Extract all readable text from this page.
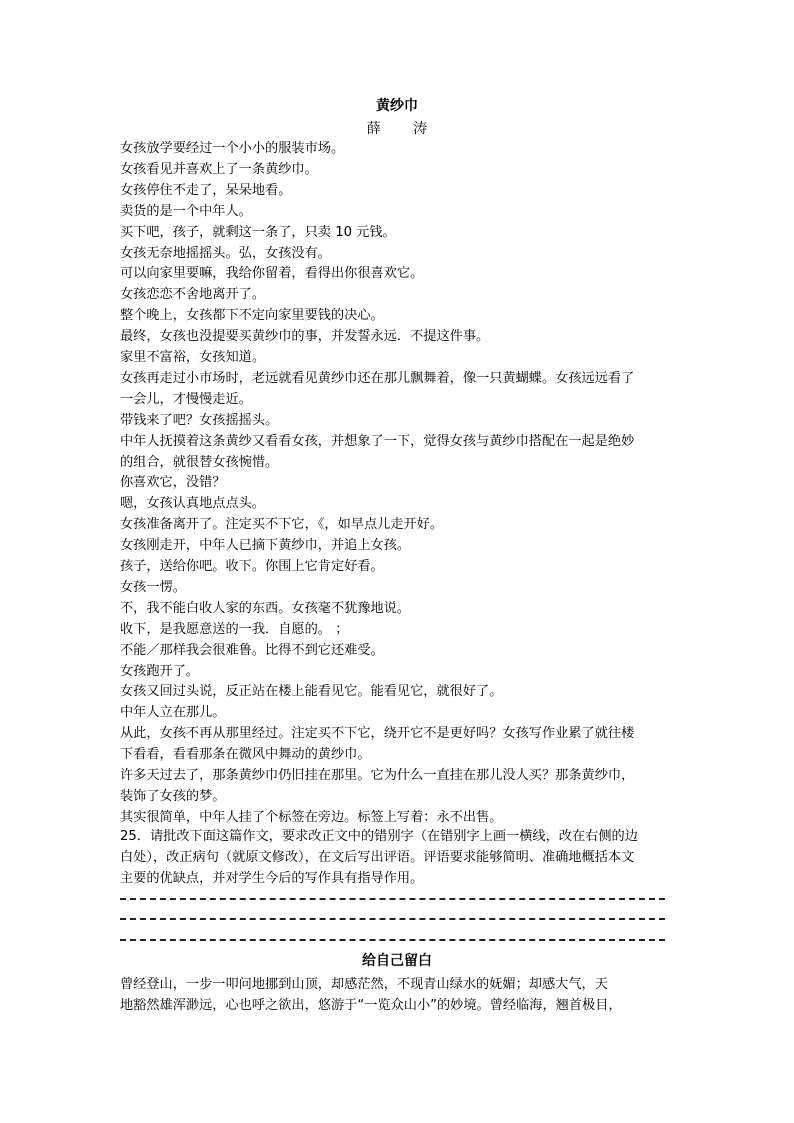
黄纱巾
薛 涛
女孩放学要经过一个小小的服装市场。
女孩看见并喜欢上了一条黄纱巾。
女孩停住不走了，呆呆地看。
卖货的是一个中年人。
买下吧，孩子，就剩这一条了，只卖 10 元钱。
女孩无奈地摇摇头。弘，女孩没有。
可以向家里要嘛，我给你留着，看得出你很喜欢它。
女孩恋恋不舍地离开了。
整个晚上，女孩都下不定向家里要钱的决心。
最终，女孩也没提要买黄纱巾的事，并发誓永远．不提这件事。
家里不富裕，女孩知道。
女孩再走过小市场时，老远就看见黄纱巾还在那儿飘舞着，像一只黄蝴蝶。女孩远远看了
一会儿，才慢慢走近。
带钱来了吧？女孩摇摇头。
中年人抚摸着这条黄纱又看看女孩，并想象了一下，觉得女孩与黄纱巾搭配在一起是绝妙
的组合，就很替女孩惋惜。
你喜欢它，没错？
嗯，女孩认真地点点头。
女孩准备离开了。注定买不下它，《，如早点儿走开好。
女孩刚走开，中年人已摘下黄纱巾，并追上女孩。
孩子，送给你吧。收下。你围上它肯定好看。
女孩一愣。
不，我不能白收人家的东西。女孩毫不犹豫地说。
收下，是我愿意送的一我．自愿的。 ；
不能／那样我会很难鲁。比得不到它还难受。
女孩跑开了。
女孩又回过头说，反正站在楼上能看见它。能看见它，就很好了。
中年人立在那儿。
从此，女孩不再从那里经过。注定买不下它，绕开它不是更好吗？女孩写作业累了就往楼
下看看，看看那条在微风中舞动的黄纱巾。
许多天过去了，那条黄纱巾仍旧挂在那里。它为什么一直挂在那儿没人买？那条黄纱巾，
装饰了女孩的梦。
其实很简单，中年人挂了个标签在旁边。标签上写着：永不出售。
25．请批改下面这篇作文，要求改正文中的错别字（在错别字上画一横线，改在右侧的边
白处），改正病句（就原文修改），在文后写出评语。评语要求能够简明、准确地概括本文
主要的优缺点，并对学生今后的写作具有指导作用。
给自己留白
曾经登山，一步一叩问地挪到山顶，却感茫然，不现青山绿水的妩媚；却感大气，天
地豁然雄浑渺远，心也呼之欲出，悠游于“一览众山小”的妙境。曾经临海，翘首极目，
